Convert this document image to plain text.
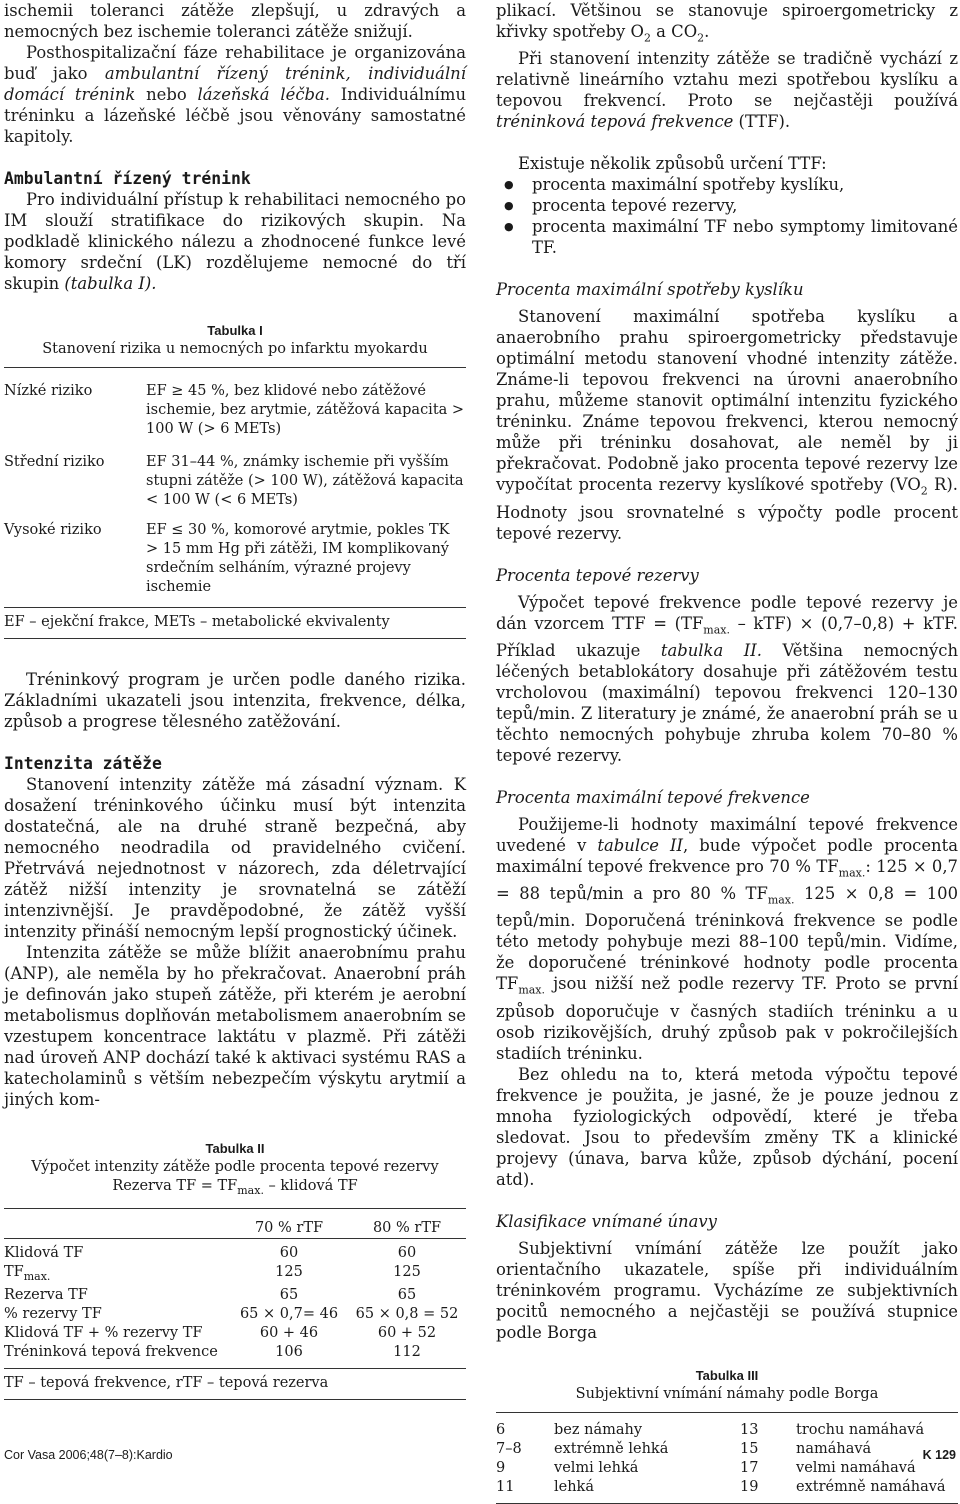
ischemii toleranci zátěže zlepšují, u zdravých a nemocných bez ischemie toleranci zátěže snižují.

Posthospitalizační fáze rehabilitace je organizována buď jako ambulantní řízený trénink, individuální domácí trénink nebo lázeňská léčba. Individuálnímu tréninku a lázeňské léčbě jsou věnovány samostatné kapitoly.

Ambulantní řízený trénink

Pro individuální přístup k rehabilitaci nemocného po IM slouží stratifikace do rizikových skupin. Na podkladě klinického nálezu a zhodnocené funkce levé komory srdeční (LK) rozdělujeme nemocné do tří skupin (tabulka I).

Tabulka I

Stanovení rizika u nemocných po infarktu myokardu

Nízké riziko	EF ≥ 45 %, bez klidové nebo zátěžové ischemie, bez arytmie, zátěžová kapacita > 100 W (> 6 METs)
Střední riziko	EF 31–44 %, známky ischemie při vyšším stupni zátěže (> 100 W), zátěžová kapacita < 100 W (< 6 METs)
Vysoké riziko	EF ≤ 30 %, komorové arytmie, pokles TK > 15 mm Hg při zátěži, IM komplikovaný srdečním selháním, výrazné projevy ischemie

EF – ejekční frakce, METs – metabolické ekvivalenty

Tréninkový program je určen podle daného rizika. Základními ukazateli jsou intenzita, frekvence, délka, způsob a progrese tělesného zatěžování.

Intenzita zátěže

Stanovení intenzity zátěže má zásadní význam. K dosažení tréninkového účinku musí být intenzita dostatečná, ale na druhé straně bezpečná, aby nemocného neodradila od pravidelného cvičení. Přetrvává nejednotnost v názorech, zda déletrvající zátěž nižší intenzity je srovnatelná se zátěží intenzivnější. Je pravděpodobné, že zátěž vyšší intenzity přináší nemocným lepší prognostický účinek.

Intenzita zátěže se může blížit anaerobnímu prahu (ANP), ale neměla by ho překračovat. Anaerobní práh je definován jako stupeň zátěže, při kterém je aerobní metabolismus doplňován metabolismem anaerobním se vzestupem koncentrace laktátu v plazmě. Při zátěži nad úroveň ANP dochází také k aktivaci systému RAS a katecholaminů s větším nebezpečím výskytu arytmií a jiných kom-

Tabulka II

Výpočet intenzity zátěže podle procenta tepové rezervy

Rezerva TF = $TF_{max.}$ – klidová TF

	70 % rTF	80 % rTF

Klidová TF	60	60
$TF_{max.}$	125	125
Rezerva TF	65	65
% rezervy TF	65 × 0,7= 46	65 × 0,8 = 52
Klidová TF + % rezervy TF	60 + 46	60 + 52
Tréninková tepová frekvence	106	112

TF – tepová frekvence, rTF – tepová rezerva

plikací. Většinou se stanovuje spiroergometricky z křivky spotřeby $O_2$ a $CO_2$.

Při stanovení intenzity zátěže se tradičně vychází z relativně lineárního vztahu mezi spotřebou kyslíku a tepovou frekvencí. Proto se nejčastěji používá tréninková tepová frekvence (TTF).

Existuje několik způsobů určení TTF:

● procenta maximální spotřeby kyslíku,
● procenta tepové rezervy,
● procenta maximální TF nebo symptomy limitované TF.
Procenta maximální spotřeby kyslíku

Stanovení maximální spotřeba kyslíku a anaerobního prahu spiroergometricky představuje optimální metodu stanovení vhodné intenzity zátěže. Známe-li tepovou frekvenci na úrovni anaerobního prahu, můžeme stanovit optimální intenzitu fyzického tréninku. Známe tepovou frekvenci, kterou nemocný může při tréninku dosahovat, ale neměl by ji překračovat. Podobně jako procenta tepové rezervy lze vypočítat procenta rezervy kyslíkové spotřeby ($VO_2$ R). Hodnoty jsou srovnatelné s výpočty podle procent tepové rezervy.

Procenta tepové rezervy

Výpočet tepové frekvence podle tepové rezervy je dán vzorcem TTF = $(TF_{max.} - kTF) \times (0,7-0,8)$ + kTF. Příklad ukazuje tabulka II. Většina nemocných léčených betablokátory dosahuje při zátěžovém testu vrcholovou (maximální) tepovou frekvenci 120–130 tepů/min. Z literatury je známé, že anaerobní práh se u těchto nemocných pohybuje zhruba kolem 70–80 % tepové rezervy.

Procenta maximální tepové frekvence

Použijeme-li hodnoty maximální tepové frekvence uvedené v tabulce II, bude výpočet podle procenta maximální tepové frekvence pro 70 % $TF_{max.}$: 125 × 0,7 = 88 tepů/min a pro 80 % $TF_{max.}$ 125 × 0,8 = 100 tepů/min. Doporučená tréninková frekvence se podle této metody pohybuje mezi 88–100 tepů/min. Vidíme, že doporučené tréninkové hodnoty podle procenta $TF_{max.}$ jsou nižší než podle rezervy TF. Proto se první způsob doporučuje v časných stadiích tréninku a u osob rizikovějších, druhý způsob pak v pokročilejších stadiích tréninku.

Bez ohledu na to, která metoda výpočtu tepové frekvence je použita, je jasné, že je pouze jednou z mnoha fyziologických odpovědí, které je třeba sledovat. Jsou to především změny TK a klinické projevy (únava, barva kůže, způsob dýchání, pocení atd).

Klasifikace vnímané únavy

Subjektivní vnímání zátěže lze použít jako orientačního ukazatele, spíše při individuálním tréninkovém programu. Vycházíme ze subjektivních pocitů nemocného a nejčastěji se používá stupnice podle Borga

Tabulka III

Subjektivní vnímání námahy podle Borga

6	bez námahy	13	trochu namáhavá
7–8	extrémně lehká	15	namáhavá
9	velmi lehká	17	velmi namáhavá
11	lehká	19	extrémně namáhavá
Cor Vasa 2006;48(7–8):Kardio	K 129
